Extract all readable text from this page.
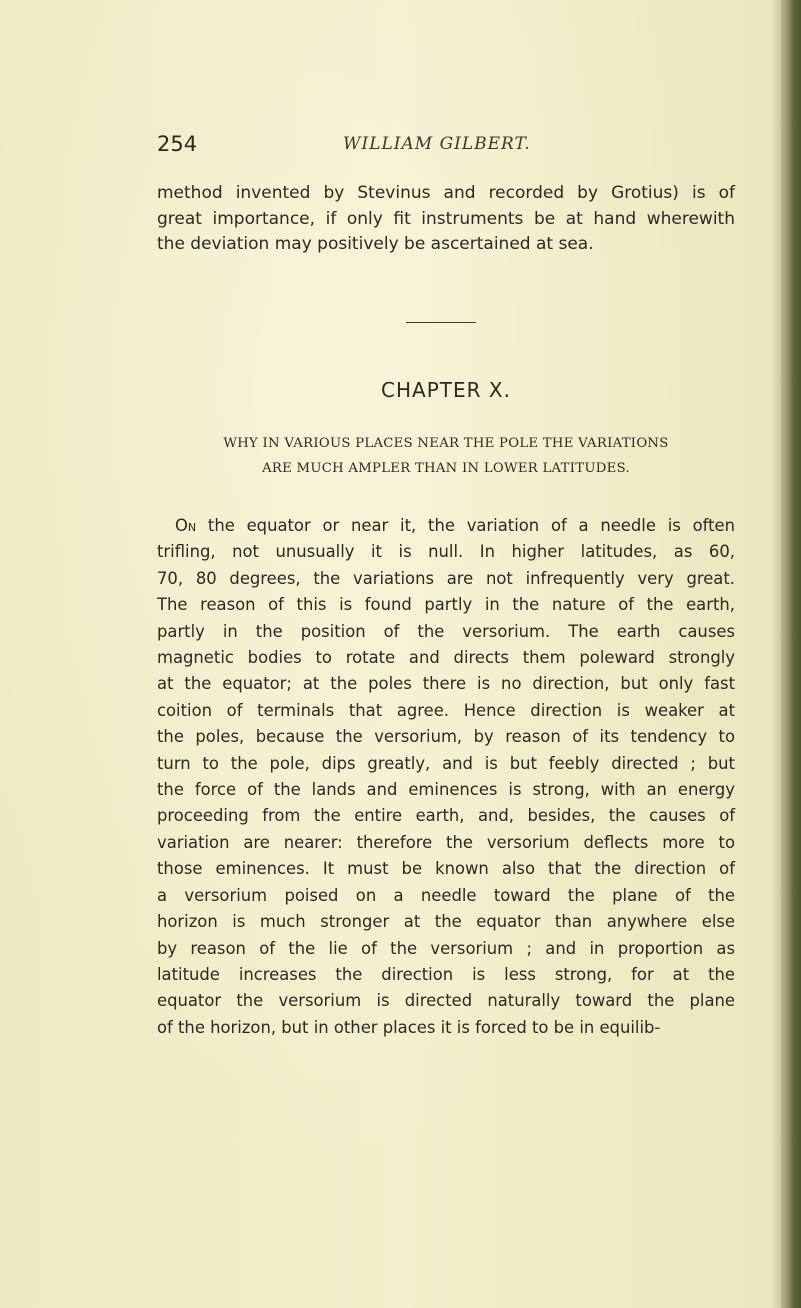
254	WILLIAM GILBERT.
method invented by Stevinus and recorded by Grotius) is of
great importance, if only fit instruments be at hand wherewith
the deviation may positively be ascertained at sea.
CHAPTER X.
WHY IN VARIOUS PLACES NEAR THE POLE THE VARIATIONS
ARE MUCH AMPLER THAN IN LOWER LATITUDES.
On the equator or near it, the variation of a needle is often
trifling, not unusually it is null. In higher latitudes, as 60,
70, 80 degrees, the variations are not infrequently very great.
The reason of this is found partly in the nature of the earth,
partly in the position of the versorium. The earth causes
magnetic bodies to rotate and directs them poleward strongly
at the equator; at the poles there is no direction, but only fast
coition of terminals that agree. Hence direction is weaker at
the poles, because the versorium, by reason of its tendency to
turn to the pole, dips greatly, and is but feebly directed ; but
the force of the lands and eminences is strong, with an energy
proceeding from the entire earth, and, besides, the causes of
variation are nearer: therefore the versorium deflects more to
those eminences. It must be known also that the direction of
a versorium poised on a needle toward the plane of the
horizon is much stronger at the equator than anywhere else
by reason of the lie of the versorium ; and in proportion as
latitude increases the direction is less strong, for at the
equator the versorium is directed naturally toward the plane
of the horizon, but in other places it is forced to be in equilib-
